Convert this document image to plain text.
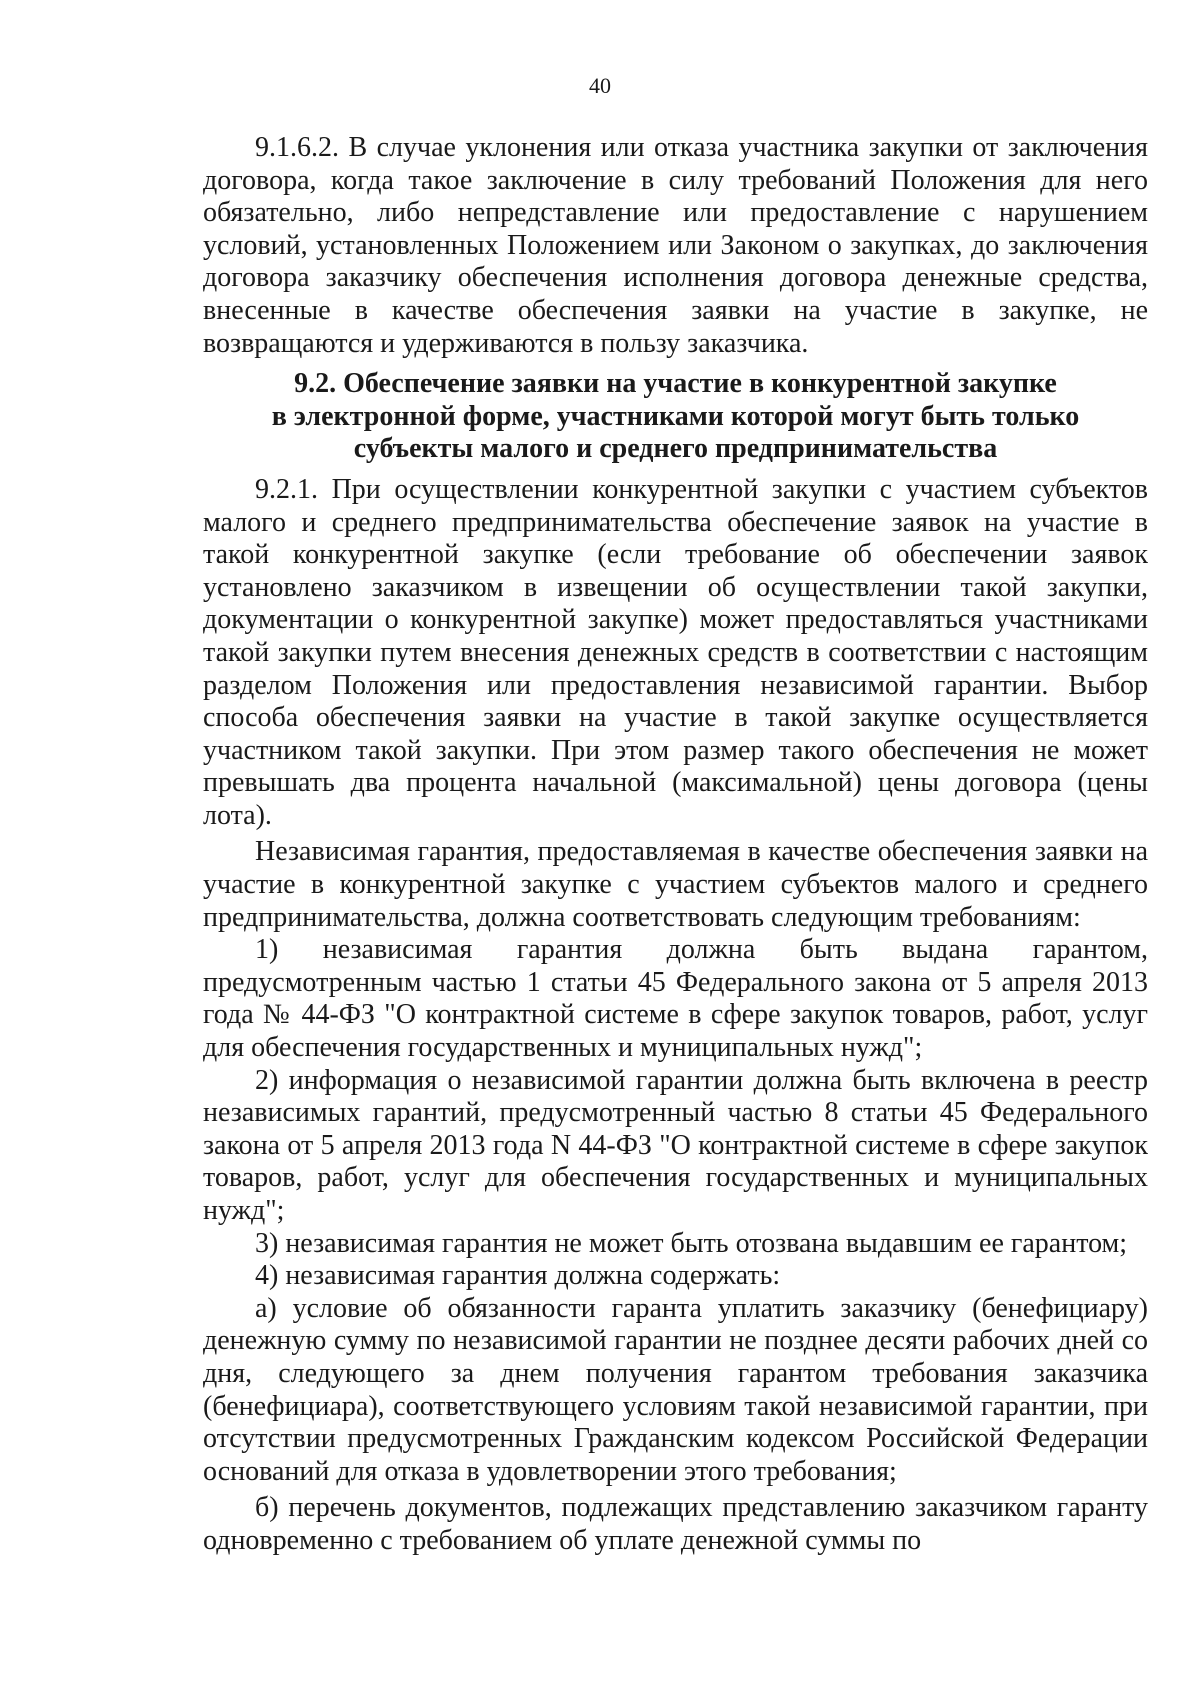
40

9.1.6.2. В случае уклонения или отказа участника закупки от заключения договора, когда такое заключение в силу требований Положения для него обязательно, либо непредставление или предоставление с нарушением условий, установленных Положением или Законом о закупках, до заключения договора заказчику обеспечения исполнения договора денежные средства, внесенные в качестве обеспечения заявки на участие в закупке, не возвращаются и удерживаются в пользу заказчика.

9.2. Обеспечение заявки на участие в конкурентной закупке
в электронной форме, участниками которой могут быть только
субъекты малого и среднего предпринимательства

9.2.1. При осуществлении конкурентной закупки с участием субъектов малого и среднего предпринимательства обеспечение заявок на участие в такой конкурентной закупке (если требование об обеспечении заявок установлено заказчиком в извещении об осуществлении такой закупки, документации о конкурентной закупке) может предоставляться участниками такой закупки путем внесения денежных средств в соответствии с настоящим разделом Положения или предоставления независимой гарантии. Выбор способа обеспечения заявки на участие в такой закупке осуществляется участником такой закупки. При этом размер такого обеспечения не может превышать два процента начальной (максимальной) цены договора (цены лота).

Независимая гарантия, предоставляемая в качестве обеспечения заявки на участие в конкурентной закупке с участием субъектов малого и среднего предпринимательства, должна соответствовать следующим требованиям:

1) независимая гарантия должна быть выдана гарантом, предусмотренным частью 1 статьи 45 Федерального закона от 5 апреля 2013 года № 44-ФЗ "О контрактной системе в сфере закупок товаров, работ, услуг для обеспечения государственных и муниципальных нужд";

2) информация о независимой гарантии должна быть включена в реестр независимых гарантий, предусмотренный частью 8 статьи 45 Федерального закона от 5 апреля 2013 года N 44-ФЗ "О контрактной системе в сфере закупок товаров, работ, услуг для обеспечения государственных и муниципальных нужд";

3) независимая гарантия не может быть отозвана выдавшим ее гарантом;

4) независимая гарантия должна содержать:

а) условие об обязанности гаранта уплатить заказчику (бенефициару) денежную сумму по независимой гарантии не позднее десяти рабочих дней со дня, следующего за днем получения гарантом требования заказчика (бенефициара), соответствующего условиям такой независимой гарантии, при отсутствии предусмотренных Гражданским кодексом Российской Федерации оснований для отказа в удовлетворении этого требования;

б) перечень документов, подлежащих представлению заказчиком гаранту одновременно с требованием об уплате денежной суммы по
